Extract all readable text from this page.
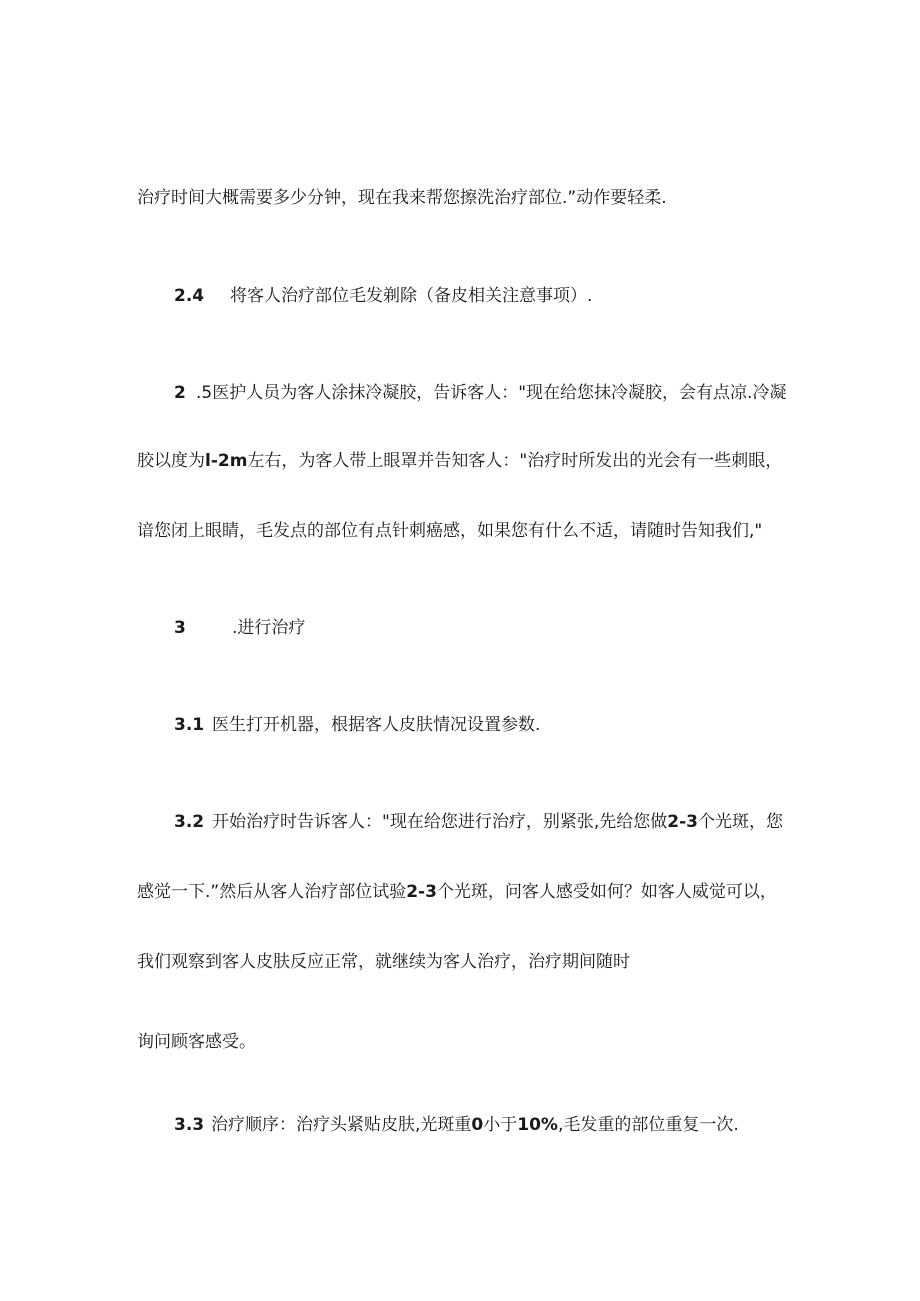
治疗时间大概需要多少分钟，现在我来帮您擦洗治疗部位.”动作要轻柔.
2.4 将客人治疗部位毛发剃除（备皮相关注意事项）.
2 .5医护人员为客人涂抹冷凝胶，告诉客人："现在给您抹冷凝胶，会有点凉.冷凝
胶以度为l-2m左右，为客人带上眼罩并告知客人："治疗时所发出的光会有一些刺眼，
谙您闭上眼睛，毛发点的部位有点针刺癌感，如果您有什么不适，请随时告知我们,"
3	.进行治疗
3.1 医生打开机器，根据客人皮肤情况设置参数.
3.2 开始治疗时告诉客人："现在给您进行治疗，别紧张,先给您做2-3个光斑，您
感觉一下.”然后从客人治疗部位试验2-3个光斑，问客人感受如何？如客人威觉可以，
我们观察到客人皮肤反应正常，就继续为客人治疗，治疗期间随时
询问顾客感受。
3.3 治疗顺序：治疗头紧贴皮肤,光斑重0小于10%,毛发重的部位重复一次.
